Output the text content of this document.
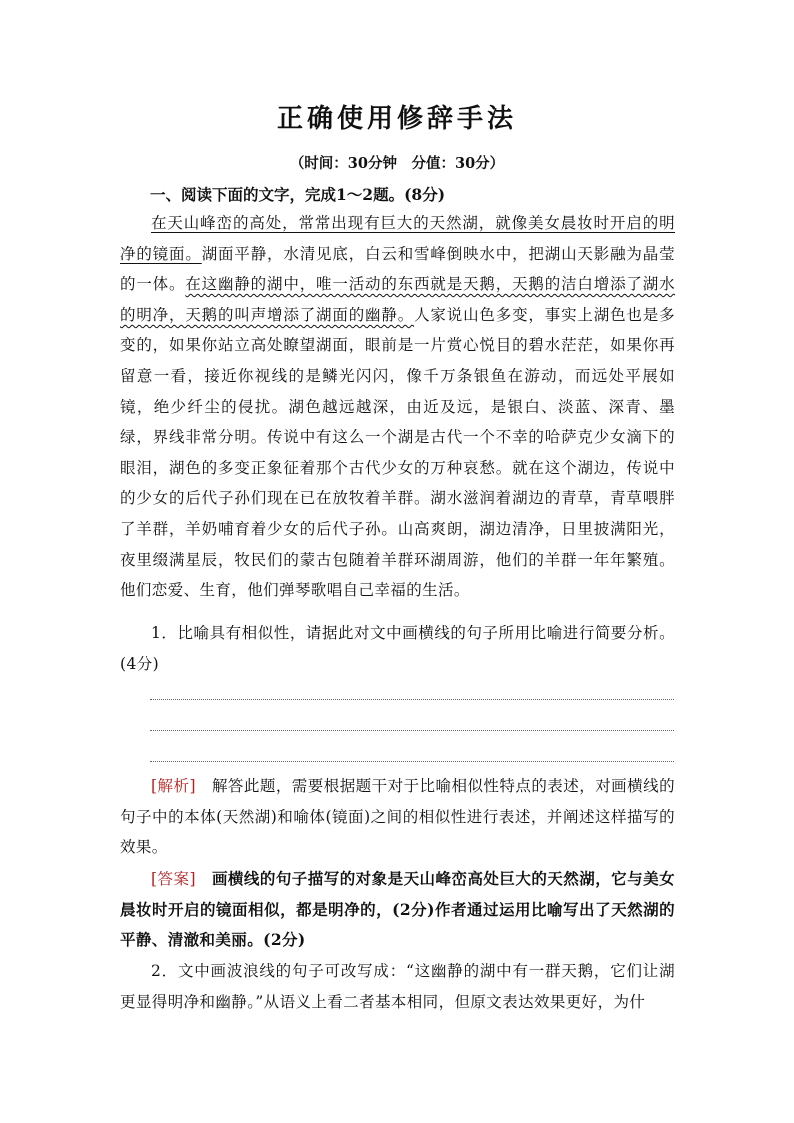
正确使用修辞手法
（时间：30分钟　分值：30分）
一、阅读下面的文字，完成1～2题。(8分)

在天山峰峦的高处，常常出现有巨大的天然湖，就像美女晨妆时开启的明净的镜面。湖面平静，水清见底，白云和雪峰倒映水中，把湖山天影融为晶莹的一体。在这幽静的湖中，唯一活动的东西就是天鹅，天鹅的洁白增添了湖水的明净，天鹅的叫声增添了湖面的幽静。人家说山色多变，事实上湖色也是多变的，如果你站立高处瞭望湖面，眼前是一片赏心悦目的碧水茫茫，如果你再留意一看，接近你视线的是鳞光闪闪，像千万条银鱼在游动，而远处平展如镜，绝少纤尘的侵扰。湖色越远越深，由近及远，是银白、淡蓝、深青、墨绿，界线非常分明。传说中有这么一个湖是古代一个不幸的哈萨克少女滴下的眼泪，湖色的多变正象征着那个古代少女的万种哀愁。就在这个湖边，传说中的少女的后代子孙们现在已在放牧着羊群。湖水滋润着湖边的青草，青草喂胖了羊群，羊奶哺育着少女的后代子孙。山高爽朗，湖边清净，日里披满阳光，夜里缀满星辰，牧民们的蒙古包随着羊群环湖周游，他们的羊群一年年繁殖。他们恋爱、生育，他们弹琴歌唱自己幸福的生活。

1．比喻具有相似性，请据此对文中画横线的句子所用比喻进行简要分析。(4分)

[解析]　解答此题，需要根据题干对于比喻相似性特点的表述，对画横线的句子中的本体(天然湖)和喻体(镜面)之间的相似性进行表述，并阐述这样描写的效果。

[答案]　画横线的句子描写的对象是天山峰峦高处巨大的天然湖，它与美女晨妆时开启的镜面相似，都是明净的，(2分)作者通过运用比喻写出了天然湖的平静、清澈和美丽。(2分)

2．文中画波浪线的句子可改写成：“这幽静的湖中有一群天鹅，它们让湖更显得明净和幽静。”从语义上看二者基本相同，但原文表达效果更好，为什
